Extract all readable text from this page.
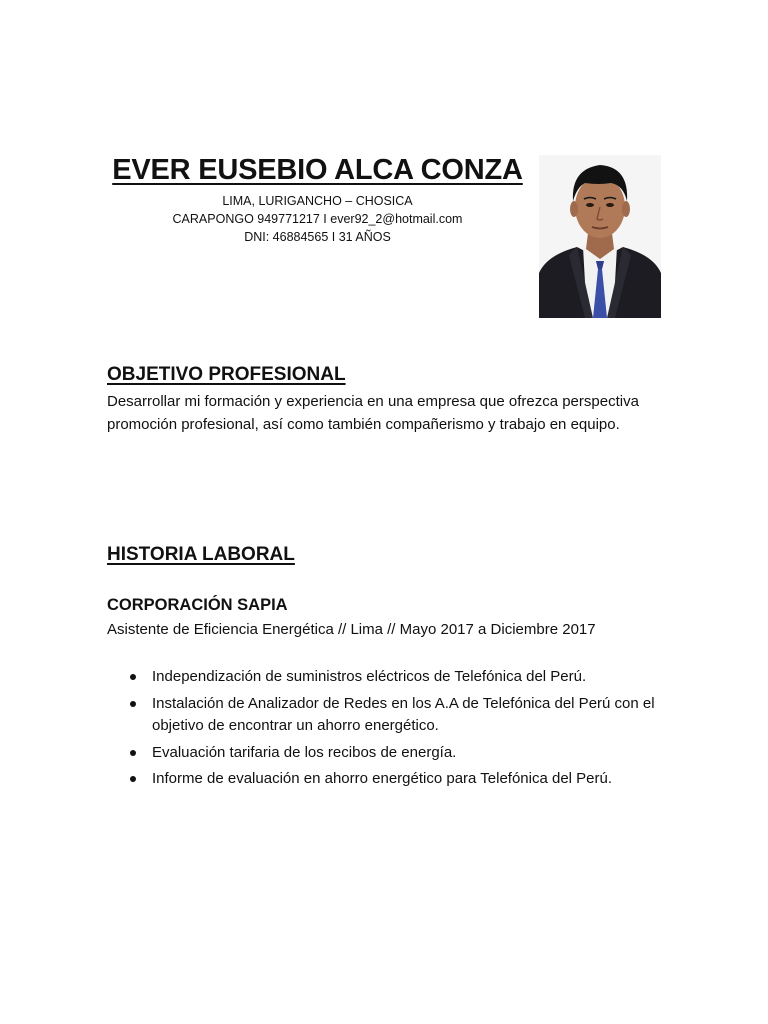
EVER EUSEBIO ALCA CONZA
LIMA, LURIGANCHO – CHOSICA
CARAPONGO 949771217 I ever92_2@hotmail.com
DNI: 46884565 I 31 AÑOS
OBJETIVO PROFESIONAL

Desarrollar mi formación y experiencia en una empresa que ofrezca perspectiva promoción profesional, así como también compañerismo y trabajo en equipo.

HISTORIA LABORAL
CORPORACIÓN SAPIA

Asistente de Eficiencia Energética // Lima // Mayo 2017 a Diciembre 2017

Independización de suministros eléctricos de Telefónica del Perú.
Instalación de Analizador de Redes en los A.A de Telefónica del Perú con el objetivo de encontrar un ahorro energético.
Evaluación tarifaria de los recibos de energía.
Informe de evaluación en ahorro energético para Telefónica del Perú.
